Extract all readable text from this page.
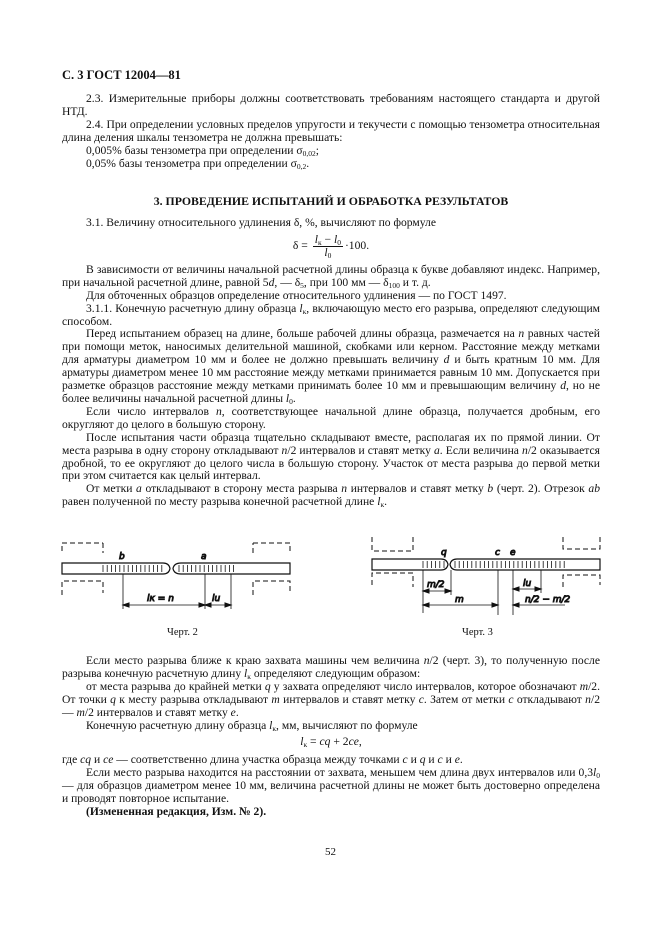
С. 3 ГОСТ 12004—81

2.3. Измерительные приборы должны соответствовать требованиям настоящего стандарта и другой НТД.

2.4. При определении условных пределов упругости и текучести с помощью тензометра относительная длина деления шкалы тензометра не должна превышать:

0,005% базы тензометра при определении $\sigma_{0,02}$;

0,05% базы тензометра при определении $\sigma_{0,2}$.

3. ПРОВЕДЕНИЕ ИСПЫТАНИЙ И ОБРАБОТКА РЕЗУЛЬТАТОВ

3.1. Величину относительного удлинения δ, %, вычисляют по формуле

$\delta = \frac{l_к - l_0}{l_0} \cdot 100$.

В зависимости от величины начальной расчетной длины образца к букве добавляют индекс. Например, при начальной расчетной длине, равной 5d, — $\delta_5$, при 100 мм — $\delta_{100}$ и т. д.

Для обточенных образцов определение относительного удлинения — по ГОСТ 1497.

3.1.1. Конечную расчетную длину образца $l_к$, включающую место его разрыва, определяют следующим способом.

Перед испытанием образец на длине, больше рабочей длины образца, размечается на n равных частей при помощи меток, наносимых делительной машиной, скобками или керном. Расстояние между метками для арматуры диаметром 10 мм и более не должно превышать величину d и быть кратным 10 мм. Для арматуры диаметром менее 10 мм расстояние между метками принимается равным 10 мм. Допускается при разметке образцов расстояние между метками принимать более 10 мм и превышающим величину d, но не более величины начальной расчетной длины $l_0$.

Если число интервалов n, соответствующее начальной длине образца, получается дробным, его округляют до целого в большую сторону.

После испытания части образца тщательно складывают вместе, располагая их по прямой линии. От места разрыва в одну сторону откладывают n/2 интервалов и ставят метку a. Если величина n/2 оказывается дробной, то ее округляют до целого числа в большую сторону. Участок от места разрыва до первой метки при этом считается как целый интервал.

От метки a откладывают в сторону места разрыва n интервалов и ставят метку b (черт. 2). Отрезок ab равен полученной по месту разрыва конечной расчетной длине $l_к$.

b	a
lк = n	lu
Черт. 2
q	c e
m/2
m
lu
n/2 − m/2
Черт. 3

Если место разрыва ближе к краю захвата машины чем величина n/2 (черт. 3), то полученную после разрыва конечную расчетную длину $l_к$ определяют следующим образом:

от места разрыва до крайней метки q у захвата определяют число интервалов, которое обозначают m/2. От точки q к месту разрыва откладывают m интервалов и ставят метку c. Затем от метки c откладывают n/2 — m/2 интервалов и ставят метку e.

Конечную расчетную длину образца $l_к$, мм, вычисляют по формуле

$l_к$ = cq + 2ce,

где cq и ce — соответственно длина участка образца между точками c и q и c и e.

Если место разрыва находится на расстоянии от захвата, меньшем чем длина двух интервалов или $0,3l_0$ — для образцов диаметром менее 10 мм, величина расчетной длины не может быть достоверно определена и проводят повторное испытание.

(Измененная редакция, Изм. № 2).

52
